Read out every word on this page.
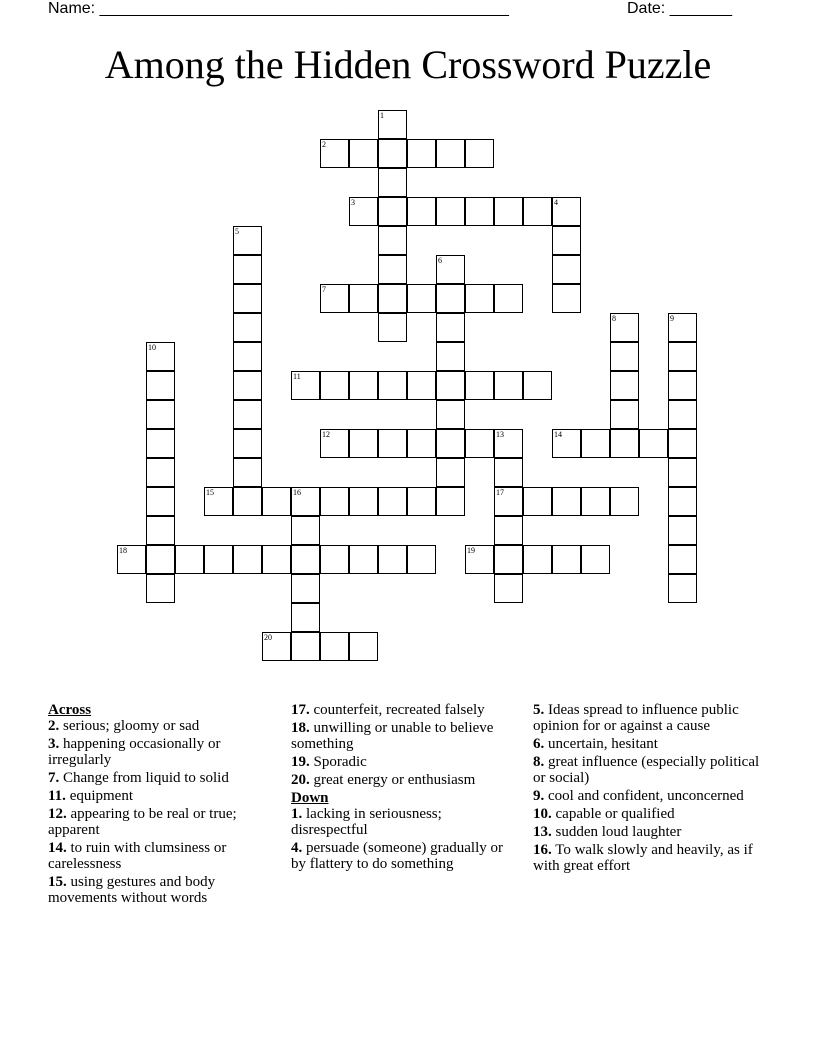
Name: ______________________________________________	Date: _______
Among the Hidden Crossword Puzzle
1
2
3	4
5
6
7
8	9
10
11
12	13
17
14
15	16
18	19
20
Across
2. serious; gloomy or sad
3. happening occasionally or irregularly
7. Change from liquid to solid
11. equipment
12. appearing to be real or true; apparent
14. to ruin with clumsiness or carelessness
15. using gestures and body movements without words
17. counterfeit, recreated falsely
18. unwilling or unable to believe something
19. Sporadic
20. great energy or enthusiasm
Down
1. lacking in seriousness; disrespectful
4. persuade (someone) gradually or by flattery to do something
5. Ideas spread to influence public opinion for or against a cause
6. uncertain, hesitant
8. great influence (especially political or social)
9. cool and confident, unconcerned
10. capable or qualified
13. sudden loud laughter
16. To walk slowly and heavily, as if with great effort
